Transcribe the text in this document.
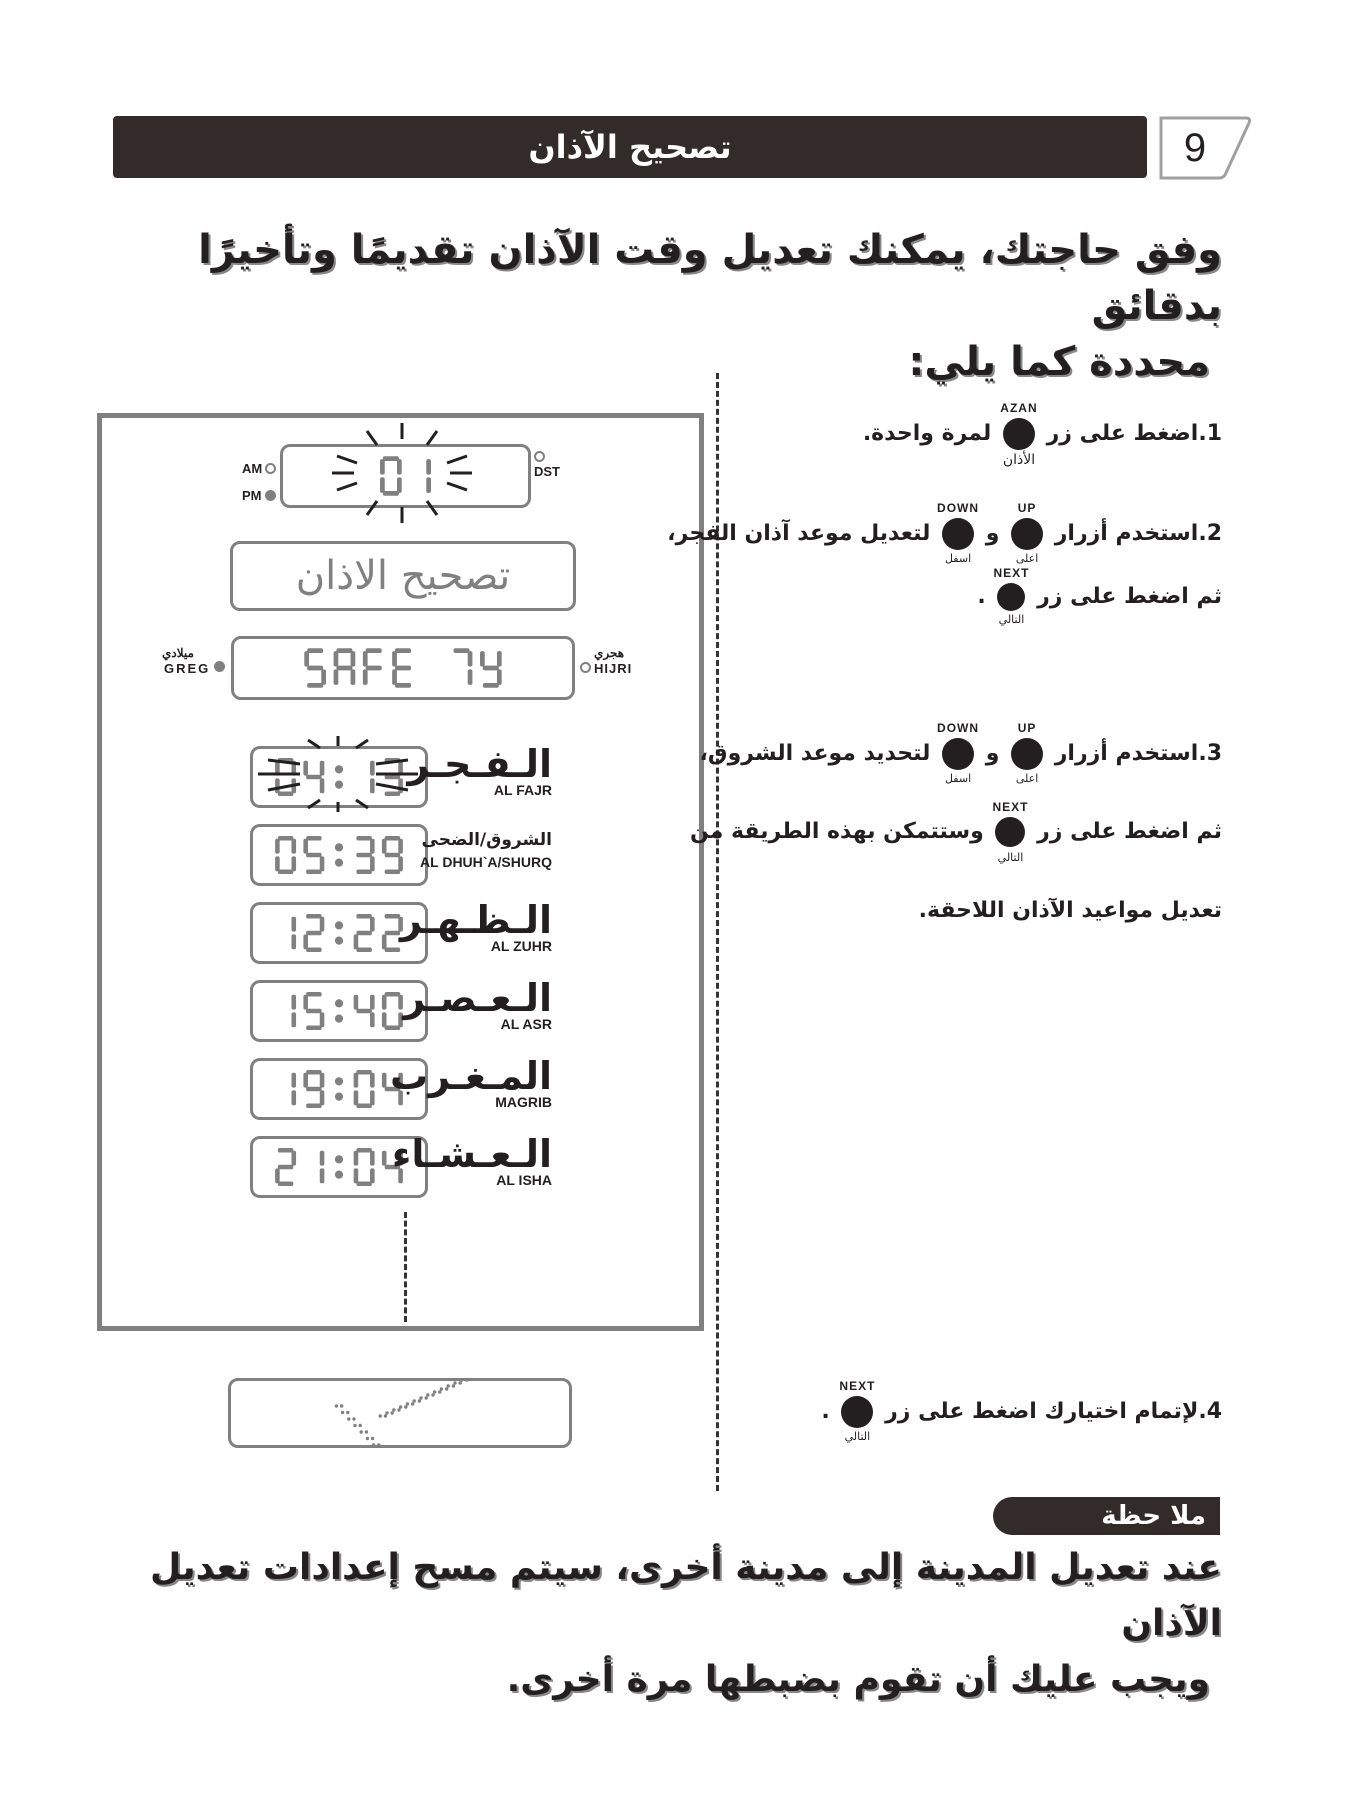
تصحيح الآذان	9
وفق حاجتك، يمكنك تعديل وقت الآذان تقديمًا وتأخيرًا بدقائق
محددة كما يلي:
AM
PM
DST
تصحيح الاذان
ميلادي
GREG
هجري
HIJRI
الـفـجـر
AL FAJR
الشروق/الضحى
AL DHUH`A/SHURQ
الـظـهـر
AL ZUHR
الـعـصـر
AL ASR
المـغـرب
MAGRIB
الـعـشـاء
AL ISHA
1.اضغط على زر
AZAN
الأذان
لمرة واحدة.
2.استخدم أزرار
UP
اعلى
و
DOWN
اسفل
لتعديل موعد آذان الفجر،
ثم اضغط على زر
NEXT
التالي
.
3.استخدم أزرار
UP
اعلى
و
DOWN
اسفل
لتحديد موعد الشروق،
ثم اضغط على زر
NEXT
التالي
وستتمكن بهذه الطريقة من
تعديل مواعيد الآذان اللاحقة.
4.لإتمام اختيارك اضغط على زر
NEXT
التالي
.
ملا حظة
عند تعديل المدينة إلى مدينة أخرى، سيتم مسح إعدادات تعديل الآذان
ويجب عليك أن تقوم بضبطها مرة أخرى.
